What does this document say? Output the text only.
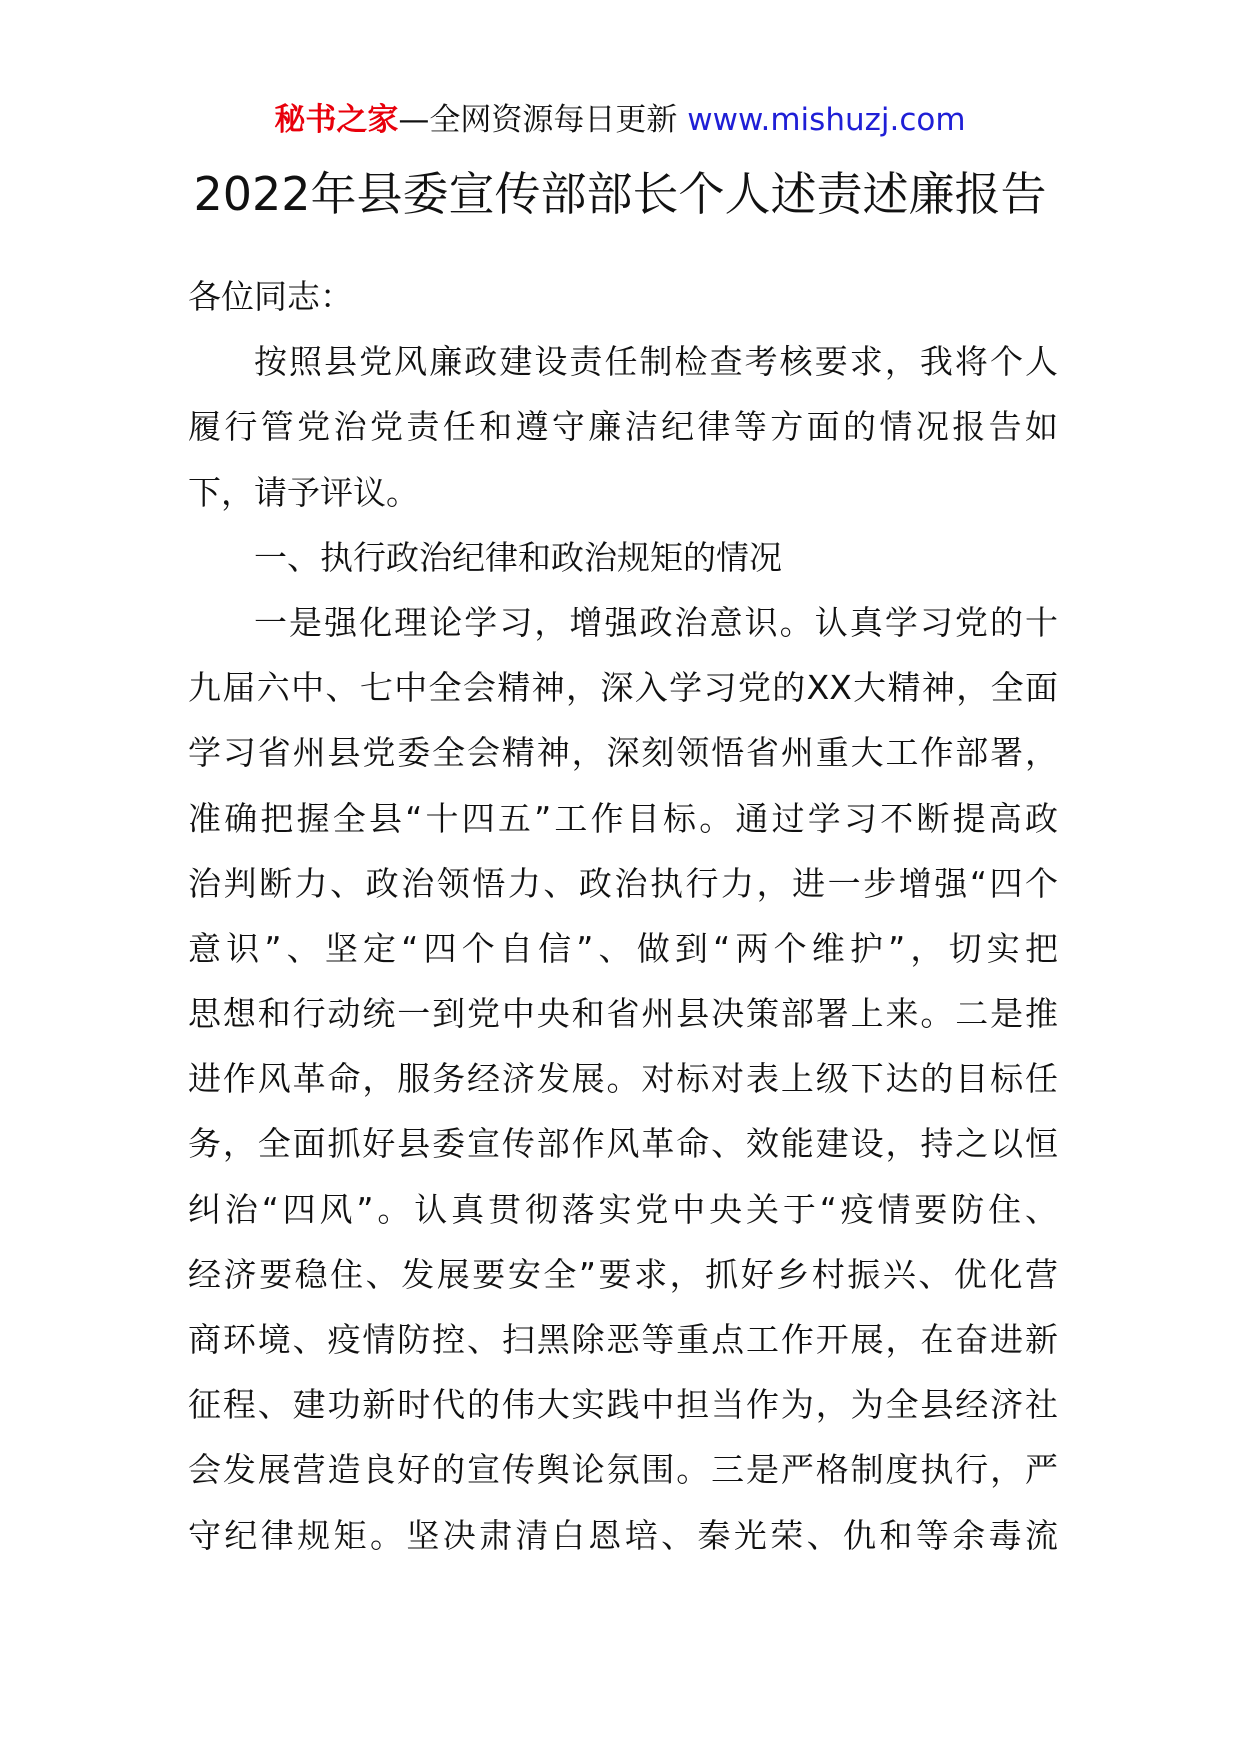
秘书之家—全网资源每日更新 www.mishuzj.com
2022年县委宣传部部长个人述责述廉报告
各位同志：
按照县党风廉政建设责任制检查考核要求，我将个人
履行管党治党责任和遵守廉洁纪律等方面的情况报告如
下，请予评议。
一、执行政治纪律和政治规矩的情况
一是强化理论学习，增强政治意识。认真学习党的十
九届六中、七中全会精神，深入学习党的XX大精神，全面
学习省州县党委全会精神，深刻领悟省州重大工作部署，
准确把握全县“十四五”工作目标。通过学习不断提高政
治判断力、政治领悟力、政治执行力，进一步增强“四个
意识”、坚定“四个自信”、做到“两个维护”，切实把
思想和行动统一到党中央和省州县决策部署上来。二是推
进作风革命，服务经济发展。对标对表上级下达的目标任
务，全面抓好县委宣传部作风革命、效能建设，持之以恒
纠治“四风”。认真贯彻落实党中央关于“疫情要防住、
经济要稳住、发展要安全”要求，抓好乡村振兴、优化营
商环境、疫情防控、扫黑除恶等重点工作开展，在奋进新
征程、建功新时代的伟大实践中担当作为，为全县经济社
会发展营造良好的宣传舆论氛围。三是严格制度执行，严
守纪律规矩。坚决肃清白恩培、秦光荣、仇和等余毒流
